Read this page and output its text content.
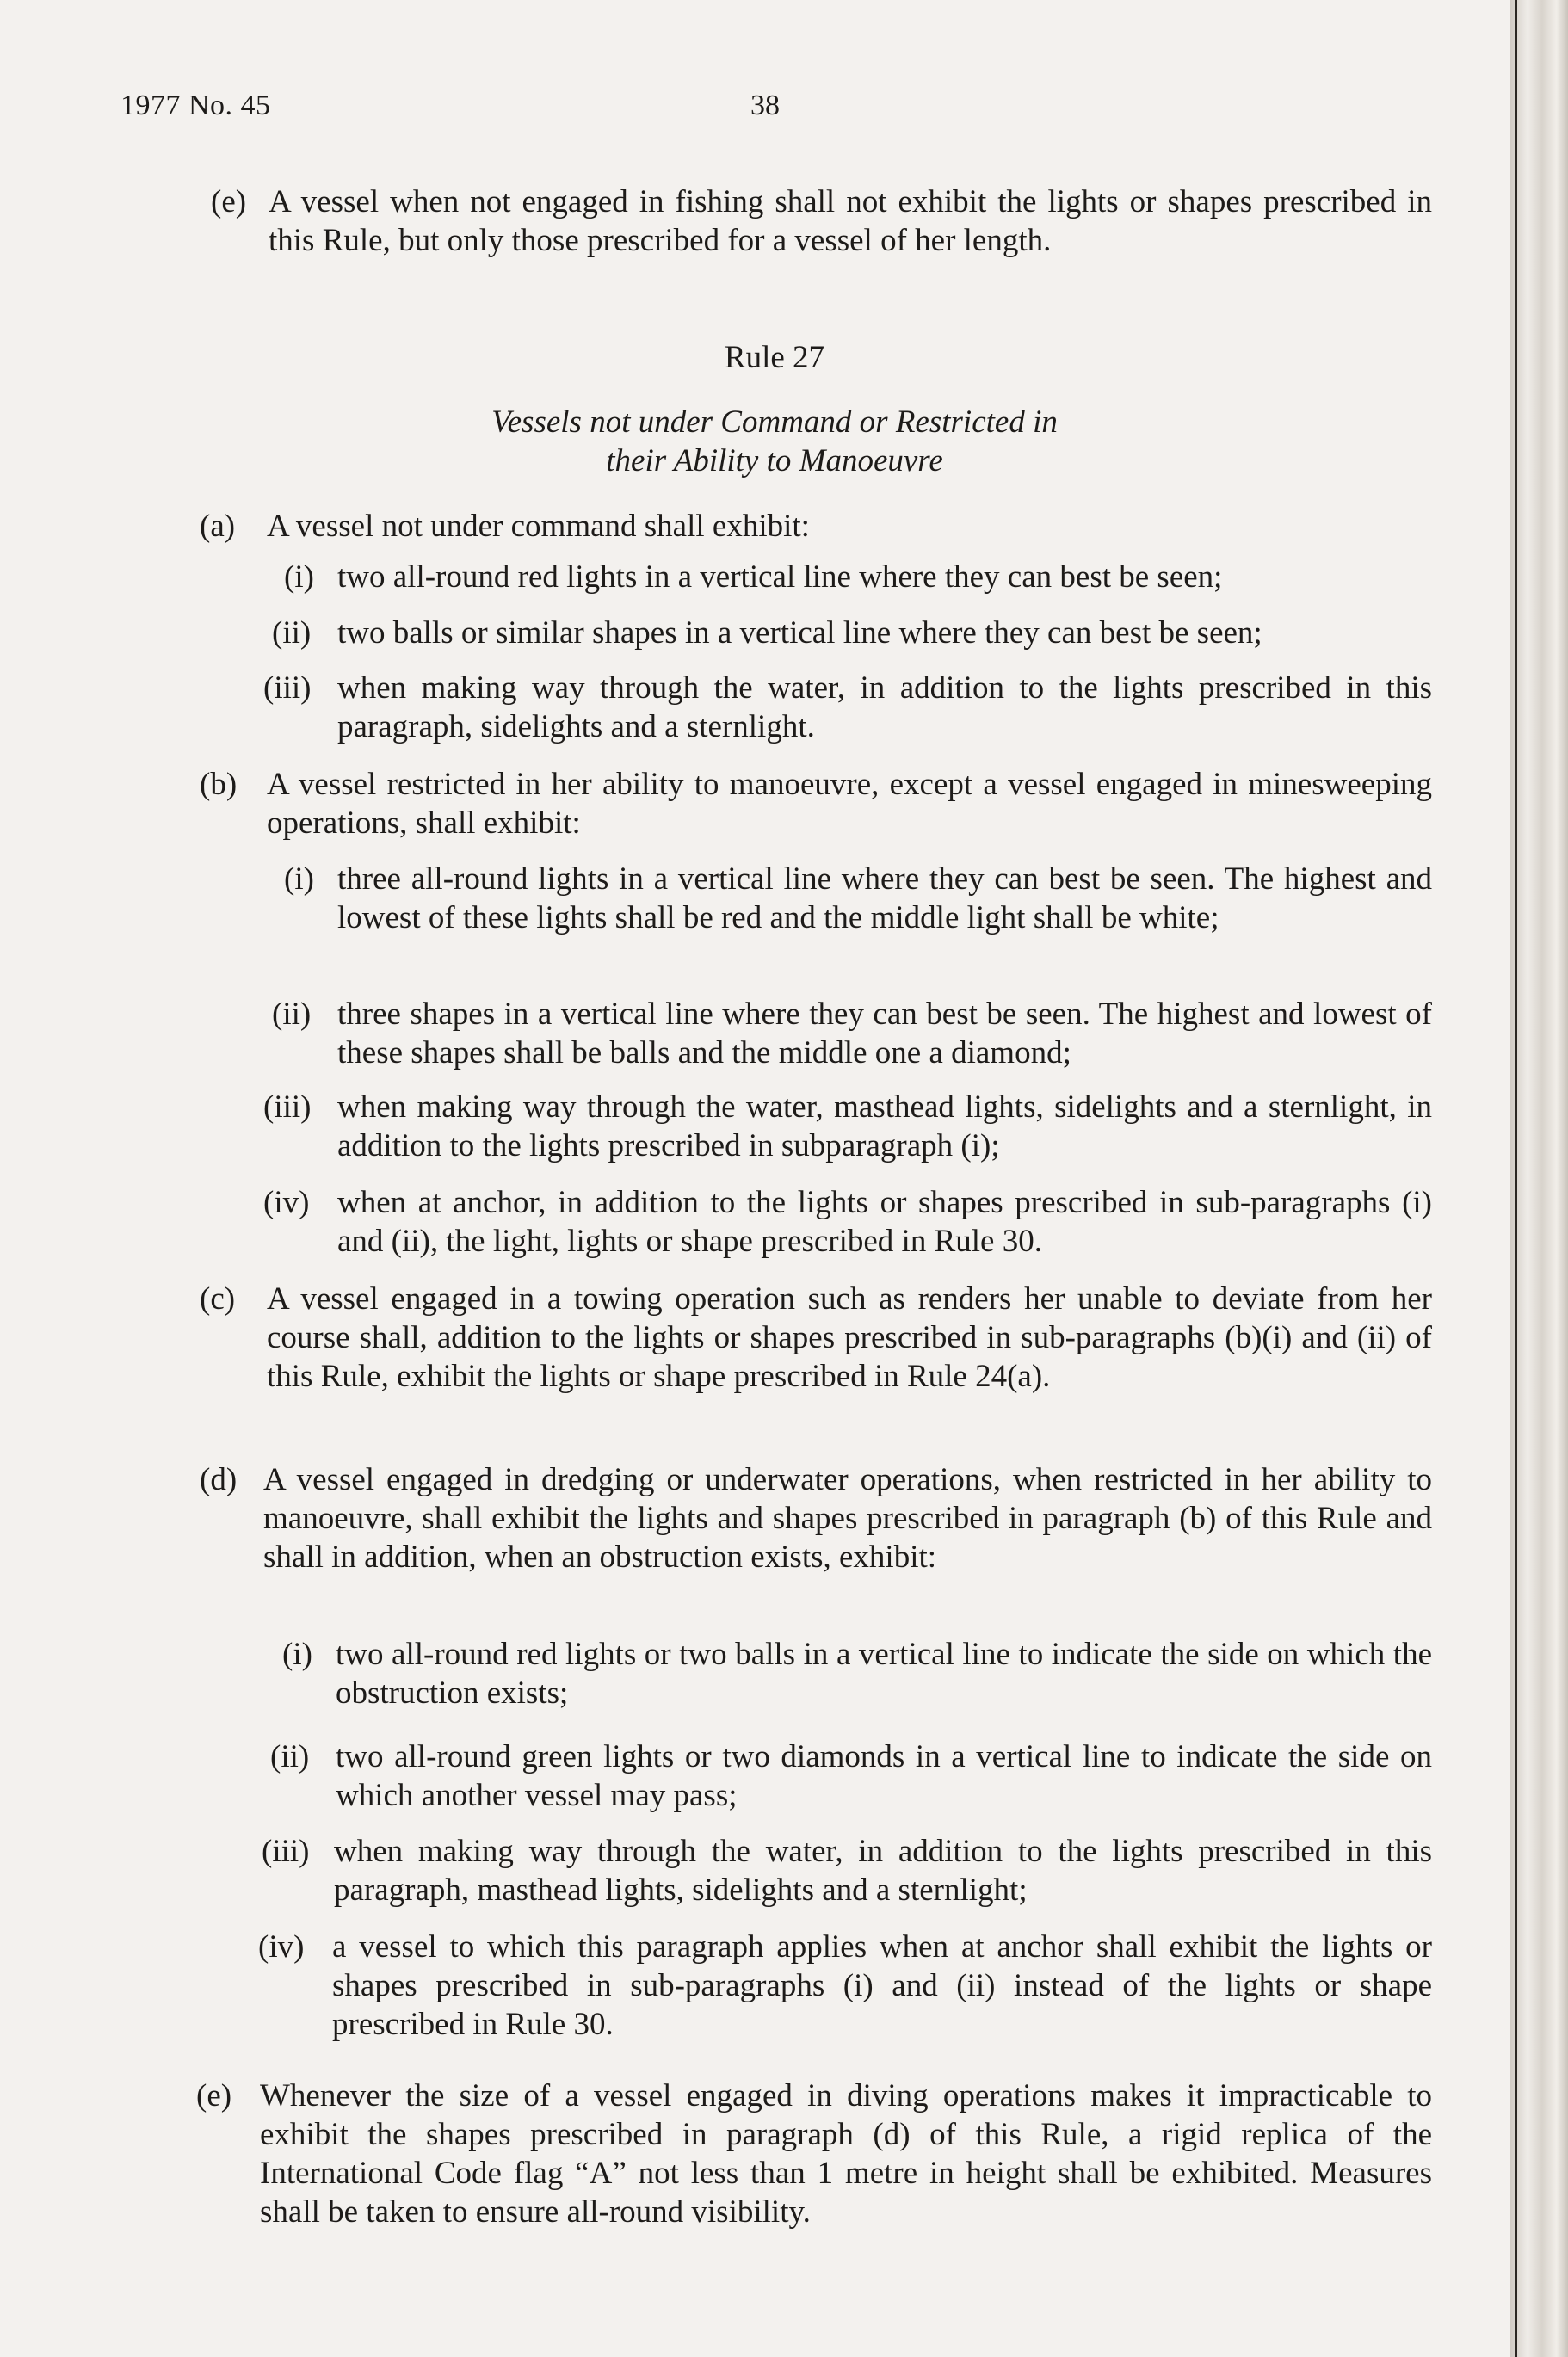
1977 No. 45	38
(e) A vessel when not engaged in fishing shall not exhibit the lights or shapes prescribed in this Rule, but only those prescribed for a vessel of her length.
Rule 27
Vessels not under Command or Restricted in
their Ability to Manoeuvre
(a) A vessel not under command shall exhibit:
(i) two all-round red lights in a vertical line where they can best be seen;
(ii) two balls or similar shapes in a vertical line where they can best be seen;
(iii) when making way through the water, in addition to the lights prescribed in this paragraph, sidelights and a sternlight.
(b) A vessel restricted in her ability to manoeuvre, except a vessel engaged in minesweeping operations, shall exhibit:
(i) three all-round lights in a vertical line where they can best be seen. The highest and lowest of these lights shall be red and the middle light shall be white;
(ii) three shapes in a vertical line where they can best be seen. The highest and lowest of these shapes shall be balls and the middle one a diamond;
(iii) when making way through the water, masthead lights, sidelights and a sternlight, in addition to the lights prescribed in subparagraph (i);
(iv) when at anchor, in addition to the lights or shapes prescribed in sub-paragraphs (i) and (ii), the light, lights or shape prescribed in Rule 30.
(c) A vessel engaged in a towing operation such as renders her unable to deviate from her course shall, addition to the lights or shapes prescribed in sub-paragraphs (b)(i) and (ii) of this Rule, exhibit the lights or shape prescribed in Rule 24(a).
(d) A vessel engaged in dredging or underwater operations, when restricted in her ability to manoeuvre, shall exhibit the lights and shapes prescribed in paragraph (b) of this Rule and shall in addition, when an obstruction exists, exhibit:
(i) two all-round red lights or two balls in a vertical line to indicate the side on which the obstruction exists;
(ii) two all-round green lights or two diamonds in a vertical line to indicate the side on which another vessel may pass;
(iii) when making way through the water, in addition to the lights prescribed in this paragraph, masthead lights, sidelights and a sternlight;
(iv) a vessel to which this paragraph applies when at anchor shall exhibit the lights or shapes prescribed in sub-paragraphs (i) and (ii) instead of the lights or shape prescribed in Rule 30.
(e) Whenever the size of a vessel engaged in diving operations makes it impracticable to exhibit the shapes prescribed in paragraph (d) of this Rule, a rigid replica of the International Code flag “A” not less than 1 metre in height shall be exhibited. Measures shall be taken to ensure all-round visibility.
